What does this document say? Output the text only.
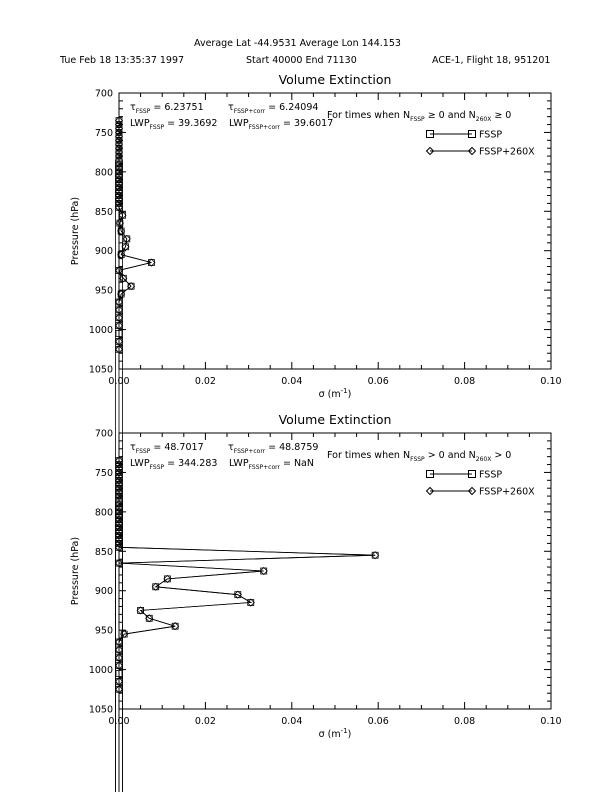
Average Lat -44.9531 Average Lon 144.153
Tue Feb 18 13:35:37 1997	Start 40000 End 71130	ACE-1, Flight 18, 951201
Volume Extinction
0.00	0.02	0.04	0.06	0.08	0.10
700
750
800
850
900
950
1000
1050
σ $(m^{-1})$
Pressure (hPa)
$\tau_{FSSP} = 6.23751$	$\tau_{FSSP+corr} = 6.24094$
$LWP_{FSSP} = 39.3692$ $LWP_{FSSP+corr} = 39.6017$
For times when $N_{FSSP} \ge 0$ and $N_{260X} \ge 0$
FSSP
FSSP+260X
Volume Extinction
0.00	0.02	0.04	0.06	0.08	0.10
700
750
800
850
900
950
1000
1050
σ $(m^{-1})$
Pressure (hPa)
$\tau_{FSSP} = 48.7017$	$\tau_{FSSP+corr} = 48.8759$
$LWP_{FSSP} = 344.283$ $LWP_{FSSP+corr}$ = NaN
For times when $N_{FSSP} > 0$ and $N_{260X} > 0$
FSSP
FSSP+260X
